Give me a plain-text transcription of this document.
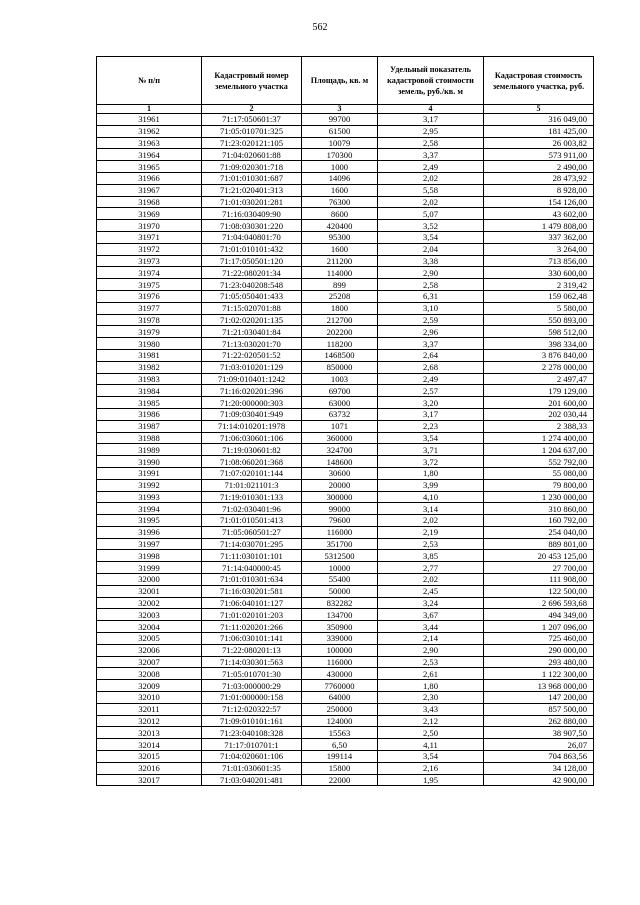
562
№ п/п	Кадастровый номер земельного участка	Площадь, кв. м	Удельный показатель кадастровой стоимости земель, руб./кв. м	Кадастровая стоимость земельного участка, руб.
1	2	3	4	5
31961	71:17:050601:37	99700	3,17	316 049,00
31962	71:05:010701:325	61500	2,95	181 425,00
31963	71:23:020121:105	10079	2,58	26 003,82
31964	71:04:020601:88	170300	3,37	573 911,00
31965	71:09:020301:718	1000	2,49	2 490,00
31966	71:01:010301:687	14096	2,02	28 473,92
31967	71:21:020401:313	1600	5,58	8 928,00
31968	71:01:030201:281	76300	2,02	154 126,00
31969	71:16:030409:90	8600	5,07	43 602,00
31970	71:08:030301:220	420400	3,52	1 479 808,00
31971	71:04:040801:70	95300	3,54	337 362,00
31972	71:01:010101:432	1600	2,04	3 264,00
31973	71:17:050501:120	211200	3,38	713 856,00
31974	71:22:080201:34	114000	2,90	330 600,00
31975	71:23:040208:548	899	2,58	2 319,42
31976	71:05:050401:433	25208	6,31	159 062,48
31977	71:15:020701:88	1800	3,10	5 580,00
31978	71:02:020201:135	212700	2,59	550 893,00
31979	71:21:030401:84	202200	2,96	598 512,00
31980	71:13:030201:70	118200	3,37	398 334,00
31981	71:22:020501:52	1468500	2,64	3 876 840,00
31982	71:03:010201:129	850000	2,68	2 278 000,00
31983	71:09:010401:1242	1003	2,49	2 497,47
31984	71:16:020201:396	69700	2,57	179 129,00
31985	71:20:000000:303	63000	3,20	201 600,00
31986	71:09:030401:949	63732	3,17	202 030,44
31987	71:14:010201:1978	1071	2,23	2 388,33
31988	71:06:030601:106	360000	3,54	1 274 400,00
31989	71:19:030601:82	324700	3,71	1 204 637,00
31990	71:08:060201:368	148600	3,72	552 792,00
31991	71:07:020101:144	30600	1,80	55 080,00
31992	71:01:021101:3	20000	3,99	79 800,00
31993	71:19:010301:133	300000	4,10	1 230 000,00
31994	71:02:030401:96	99000	3,14	310 860,00
31995	71:01:010501:413	79600	2,02	160 792,00
31996	71:05:060501:27	116000	2,19	254 040,00
31997	71:14:030701:295	351700	2,53	889 801,00
31998	71:11:030101:101	5312500	3,85	20 453 125,00
31999	71:14:040000:45	10000	2,77	27 700,00
32000	71:01:010301:634	55400	2,02	111 908,00
32001	71:16:030201:581	50000	2,45	122 500,00
32002	71:06:040101:127	832282	3,24	2 696 593,68
32003	71:01:020101:203	134700	3,67	494 349,00
32004	71:11:020201:266	350900	3,44	1 207 096,00
32005	71:06:030101:141	339000	2,14	725 460,00
32006	71:22:080201:13	100000	2,90	290 000,00
32007	71:14:030301:563	116000	2,53	293 480,00
32008	71:05:010701:30	430000	2,61	1 122 300,00
32009	71:03:000000:29	7760000	1,80	13 968 000,00
32010	71:01:000000:158	64000	2,30	147 200,00
32011	71:12:020322:57	250000	3,43	857 500,00
32012	71:09:010101:161	124000	2,12	262 880,00
32013	71:23:040108:328	15563	2,50	38 907,50
32014	71:17:010701:1	6,50	4,11	26,07
32015	71:04:020601:106	199114	3,54	704 863,56
32016	71:01:030601:35	15800	2,16	34 128,00
32017	71:03:040201:481	22000	1,95	42 900,00
